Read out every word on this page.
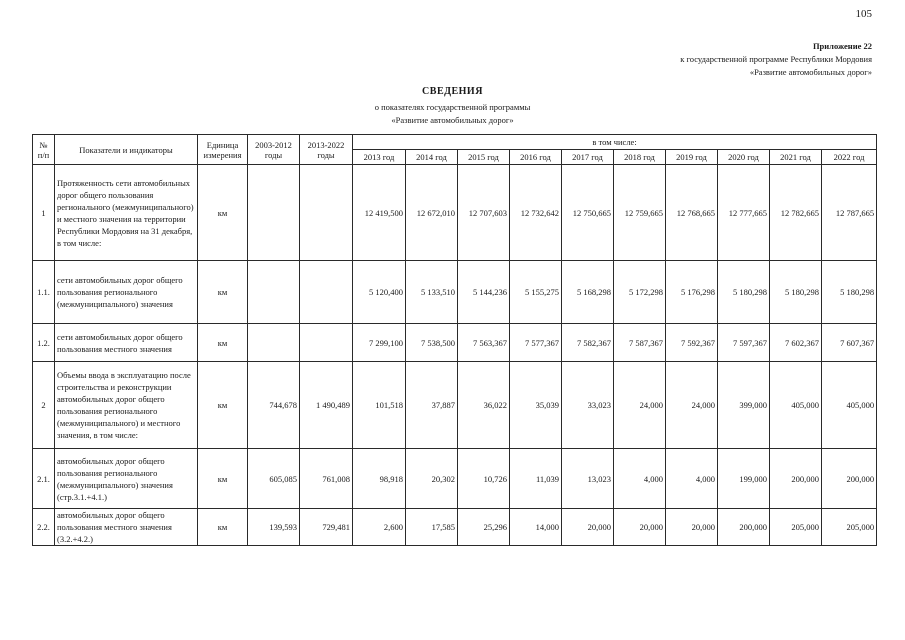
105
Приложение 22
к государственной программе Республики Мордовия
«Развитие автомобильных дорог»
СВЕДЕНИЯ
о показателях государственной программы
«Развитие автомобильных дорог»
№ п/п	Показатели и индикаторы	Единица измерения	2003-2012 годы	2013-2022 годы	в том числе:									
					2013 год	2014 год	2015 год	2016 год	2017 год	2018 год	2019 год	2020 год	2021 год	2022 год
1	Протяженность сети автомобильных дорог общего пользования регионального (межмуниципального) и местного значения на территории Республики Мордовия на 31 декабря, в том числе:	км			12 419,500	12 672,010	12 707,603	12 732,642	12 750,665	12 759,665	12 768,665	12 777,665	12 782,665	12 787,665
1.1.	сети автомобильных дорог общего пользования регионального (межмуниципального) значения	км			5 120,400	5 133,510	5 144,236	5 155,275	5 168,298	5 172,298	5 176,298	5 180,298	5 180,298	5 180,298
1.2.	сети автомобильных дорог общего пользования местного значения	км			7 299,100	7 538,500	7 563,367	7 577,367	7 582,367	7 587,367	7 592,367	7 597,367	7 602,367	7 607,367
2	Объемы ввода в эксплуатацию после строительства и реконструкции автомобильных дорог общего пользования регионального (межмуниципального) и местного значения, в том числе:	км	744,678	1 490,489	101,518	37,887	36,022	35,039	33,023	24,000	24,000	399,000	405,000	405,000
2.1.	автомобильных дорог общего пользования регионального (межмуниципального) значения (стр.3.1.+4.1.)	км	605,085	761,008	98,918	20,302	10,726	11,039	13,023	4,000	4,000	199,000	200,000	200,000
2.2.	автомобильных дорог общего пользования местного значения (3.2.+4.2.)	км	139,593	729,481	2,600	17,585	25,296	14,000	20,000	20,000	20,000	200,000	205,000	205,000
